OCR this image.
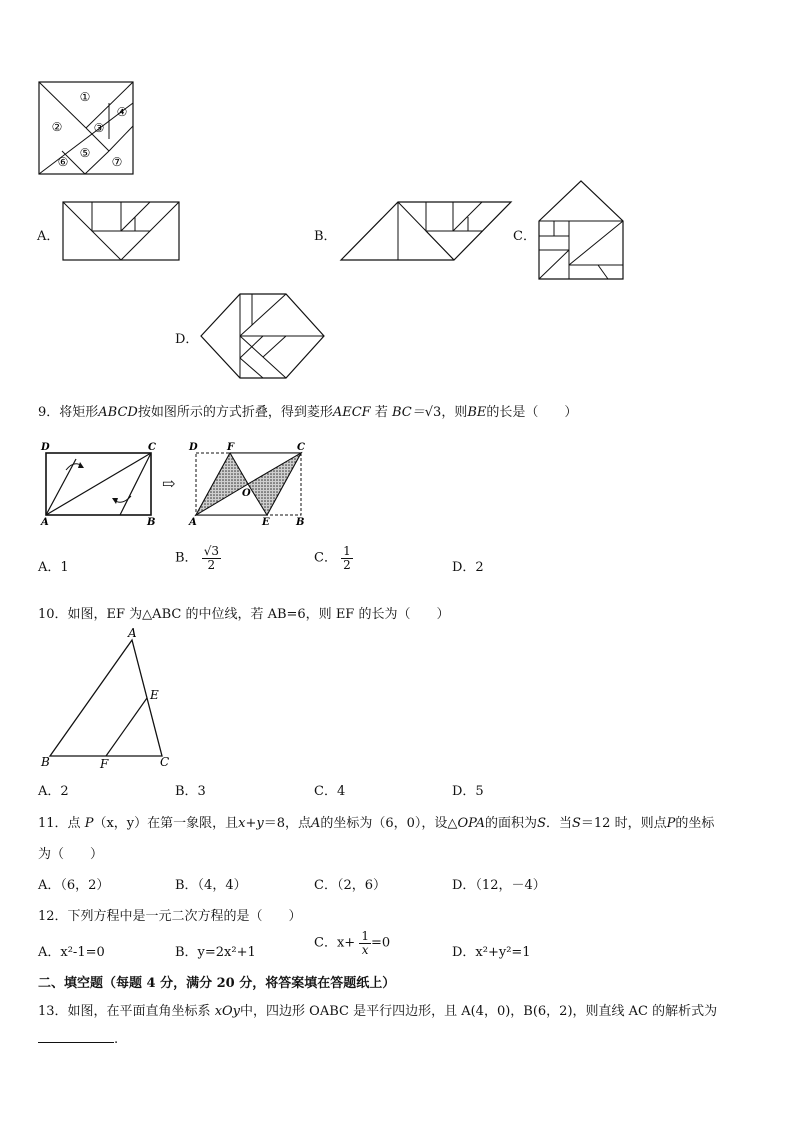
①
②	③
④
⑤
⑥	⑦
A．	B．	C．
D．
9．将矩形ABCD按如图所示的方式折叠，得到菱形AECF 若 BC＝√3，则BE的长是（　　）
D	C
A	B
⇨
D	F	C
O
A	E	B
A．1
B． $\frac{√3}{2}$	C． $\frac{1}{2}$	D．2
10．如图，EF 为△ABC 的中位线，若 AB=6，则 EF 的长为（　　）
A
E
B	F	C
A．2	B．3	C．4	D．5
11．点 P（x，y）在第一象限，且x+y＝8，点A的坐标为（6，0），设△OPA的面积为S．当S＝12 时，则点P的坐标
为（　　）
A．（6，2）	B．（4，4）	C．（2，6）	D．（12，－4）
12．下列方程中是一元二次方程的是（　　）
A．x²-1=0	B．y=2x²+1
C．$x+ \frac{1}{x} =0$
D．x²+y²=1
二、填空题（每题 4 分，满分 20 分，将答案填在答题纸上）
13．如图，在平面直角坐标系 xOy中，四边形 OABC 是平行四边形，且 A(4，0)，B(6，2)，则直线 AC 的解析式为
.
